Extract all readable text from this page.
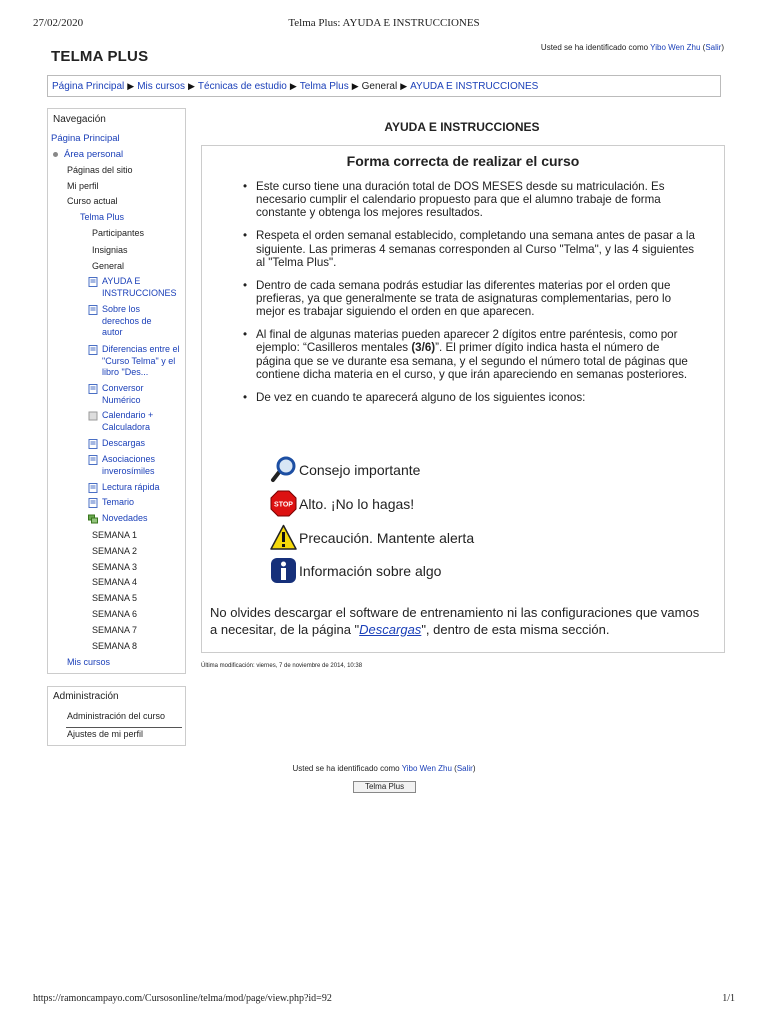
27/02/2020	Telma Plus: AYUDA E INSTRUCCIONES
TELMA PLUS
Usted se ha identificado como Yibo Wen Zhu (Salir)
Página Principal ▶ Mis cursos ▶ Técnicas de estudio ▶ Telma Plus ▶ General ▶ AYUDA E INSTRUCCIONES
Navegación
Página Principal
Área personal
Páginas del sitio
Mi perfil
Curso actual
Telma Plus
Participantes
Insignias
General
AYUDA E INSTRUCCIONES
Sobre los derechos de autor
Diferencias entre el "Curso Telma" y el libro "Des...
Conversor Numérico
Calendario + Calculadora
Descargas
Asociaciones inverosímiles
Lectura rápida
Temario
Novedades
SEMANA 1
SEMANA 2
SEMANA 3
SEMANA 4
SEMANA 5
SEMANA 6
SEMANA 7
SEMANA 8
Mis cursos
Administración
Administración del curso
Ajustes de mi perfil
AYUDA E INSTRUCCIONES
Forma correcta de realizar el curso
• Este curso tiene una duración total de DOS MESES desde su matriculación. Es necesario cumplir el calendario propuesto para que el alumno trabaje de forma constante y obtenga los mejores resultados.
• Respeta el orden semanal establecido, completando una semana antes de pasar a la siguiente. Las primeras 4 semanas corresponden al Curso "Telma", y las 4 siguientes al "Telma Plus".
• Dentro de cada semana podrás estudiar las diferentes materias por el orden que prefieras, ya que generalmente se trata de asignaturas complementarias, pero lo mejor es trabajar siguiendo el orden en que aparecen.
• Al final de algunas materias pueden aparecer 2 dígitos entre paréntesis, como por ejemplo: “Casilleros mentales (3/6)”. El primer dígito indica hasta el número de página que se ve durante esa semana, y el segundo el número total de páginas que contiene dicha materia en el curso, y que irán apareciendo en semanas posteriores.
• De vez en cuando te aparecerá alguno de los siguientes iconos:
Consejo importante
STOP Alto. ¡No lo hagas!
Precaución. Mantente alerta
Información sobre algo
No olvides descargar el software de entrenamiento ni las configuraciones que vamos a necesitar, de la página "Descargas", dentro de esta misma sección.
Última modificación: viernes, 7 de noviembre de 2014, 10:38
Usted se ha identificado como Yibo Wen Zhu (Salir)
Telma Plus
https://ramoncampayo.com/Cursosonline/telma/mod/page/view.php?id=92	1/1
